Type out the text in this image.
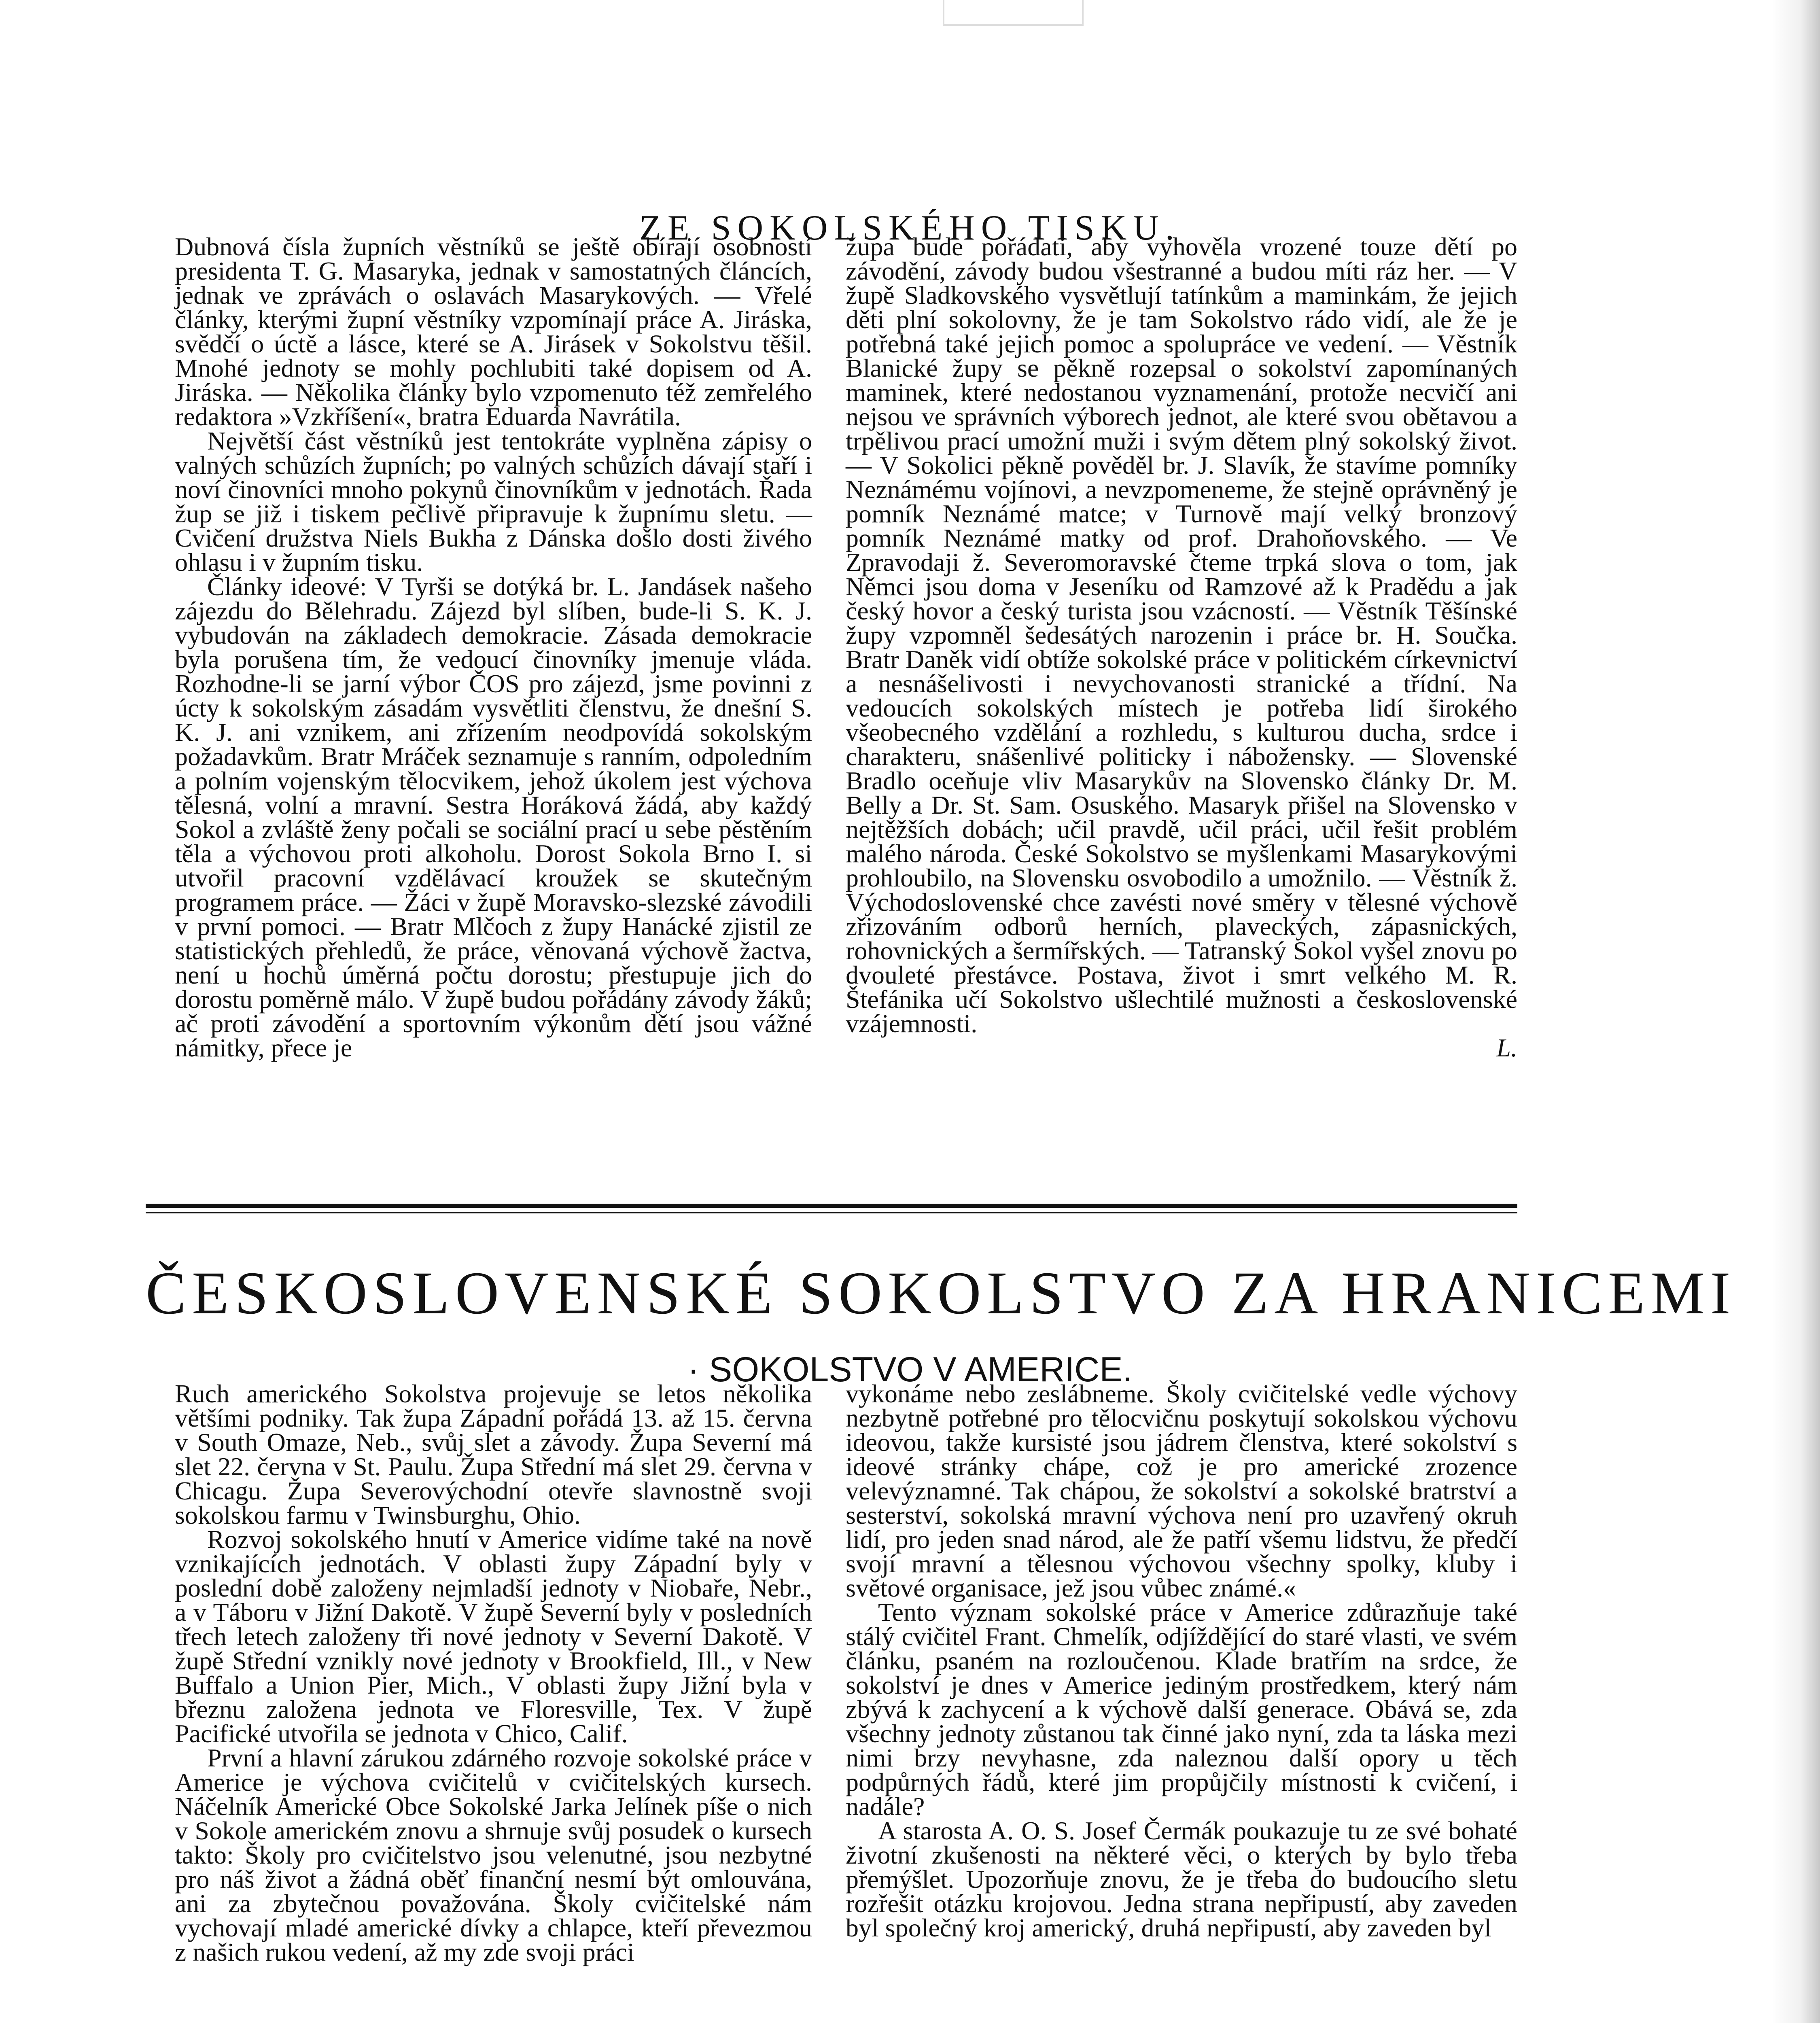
ZE SOKOLSKÉHO TISKU.

Dubnová čísla župních věstníků se ještě obírají osobností presidenta T. G. Masaryka, jednak v samostatných článcích, jednak ve zprávách o oslavách Masarykových. — Vřelé články, kterými župní věstníky vzpomínají práce A. Jiráska, svědčí o úctě a lásce, které se A. Jirásek v Sokolstvu těšil. Mnohé jednoty se mohly pochlubiti také dopisem od A. Jiráska. — Několika články bylo vzpomenuto též zemřelého redaktora »Vzkříšení«, bratra Eduarda Navrátila.

Největší část věstníků jest tentokráte vyplněna zápisy o valných schůzích župních; po valných schůzích dávají staří i noví činovníci mnoho pokynů činovníkům v jednotách. Řada žup se již i tiskem pečlivě připravuje k župnímu sletu. — Cvičení družstva Niels Bukha z Dánska došlo dosti živého ohlasu i v župním tisku.

Články ideové: V Tyrši se dotýká br. L. Jandásek našeho zájezdu do Bělehradu. Zájezd byl slíben, bude-li S. K. J. vybudován na základech demokracie. Zásada demokracie byla porušena tím, že vedoucí činovníky jmenuje vláda. Rozhodne-li se jarní výbor ČOS pro zájezd, jsme povinni z úcty k sokolským zásadám vysvětliti členstvu, že dnešní S. K. J. ani vznikem, ani zřízením neodpovídá sokolským požadavkům. Bratr Mráček seznamuje s ranním, odpoledním a polním vojenským tělocvikem, jehož úkolem jest výchova tělesná, volní a mravní. Sestra Horáková žádá, aby každý Sokol a zvláště ženy počali se sociální prací u sebe pěstěním těla a výchovou proti alkoholu. Dorost Sokola Brno I. si utvořil pracovní vzdělávací kroužek se skutečným programem práce. — Žáci v župě Moravsko-slezské závodili v první pomoci. — Bratr Mlčoch z župy Hanácké zjistil ze statistických přehledů, že práce, věnovaná výchově žactva, není u hochů úměrná počtu dorostu; přestupuje jich do dorostu poměrně málo. V župě budou pořádány závody žáků; ač proti závodění a sportovním výkonům dětí jsou vážné námitky, přece je

župa bude pořádati, aby vyhověla vrozené touze dětí po závodění, závody budou všestranné a budou míti ráz her. — V župě Sladkovského vysvětlují tatínkům a maminkám, že jejich děti plní sokolovny, že je tam Sokolstvo rádo vidí, ale že je potřebná také jejich pomoc a spolupráce ve vedení. — Věstník Blanické župy se pěkně rozepsal o sokolství zapomínaných maminek, které nedostanou vyznamenání, protože necvičí ani nejsou ve správních výborech jednot, ale které svou obětavou a trpělivou prací umožní muži i svým dětem plný sokolský život. — V Sokolici pěkně pověděl br. J. Slavík, že stavíme pomníky Neznámému vojínovi, a nevzpomeneme, že stejně oprávněný je pomník Neznámé matce; v Turnově mají velký bronzový pomník Neznámé matky od prof. Drahoňovského. — Ve Zpravodaji ž. Severomoravské čteme trpká slova o tom, jak Němci jsou doma v Jeseníku od Ramzové až k Pradědu a jak český hovor a český turista jsou vzácností. — Věstník Těšínské župy vzpomněl šedesátých narozenin i práce br. H. Součka. Bratr Daněk vidí obtíže sokolské práce v politickém církevnictví a nesnášelivosti i nevychovanosti stranické a třídní. Na vedoucích sokolských místech je potřeba lidí širokého všeobecného vzdělání a rozhledu, s kulturou ducha, srdce i charakteru, snášenlivé politicky i nábožensky. — Slovenské Bradlo oceňuje vliv Masarykův na Slovensko články Dr. M. Belly a Dr. St. Sam. Osuského. Masaryk přišel na Slovensko v nejtěžších dobách; učil pravdě, učil práci, učil řešit problém malého národa. České Sokolstvo se myšlenkami Masarykovými prohloubilo, na Slovensku osvobodilo a umožnilo. — Věstník ž. Východoslovenské chce zavésti nové směry v tělesné výchově zřizováním odborů herních, plaveckých, zápasnických, rohovnických a šermířských. — Tatranský Sokol vyšel znovu po dvouleté přestávce. Postava, život i smrt velkého M. R. Štefánika učí Sokolstvo ušlechtilé mužnosti a československé vzájemnosti.

L.

ČESKOSLOVENSKÉ SOKOLSTVO ZA HRANICEMI
· SOKOLSTVO V AMERICE.

Ruch amerického Sokolstva projevuje se letos několika většími podniky. Tak župa Západní pořádá 13. až 15. června v South Omaze, Neb., svůj slet a závody. Župa Severní má slet 22. června v St. Paulu. Župa Střední má slet 29. června v Chicagu. Župa Severovýchodní otevře slavnostně svoji sokolskou farmu v Twinsburghu, Ohio.

Rozvoj sokolského hnutí v Americe vidíme také na nově vznikajících jednotách. V oblasti župy Západní byly v poslední době založeny nejmladší jednoty v Niobaře, Nebr., a v Táboru v Jižní Dakotě. V župě Severní byly v posledních třech letech založeny tři nové jednoty v Severní Dakotě. V župě Střední vznikly nové jednoty v Brookfield, Ill., v New Buffalo a Union Pier, Mich., V oblasti župy Jižní byla v březnu založena jednota ve Floresville, Tex. V župě Pacifické utvořila se jednota v Chico, Calif.

První a hlavní zárukou zdárného rozvoje sokolské práce v Americe je výchova cvičitelů v cvičitelských kursech. Náčelník Americké Obce Sokolské Jarka Jelínek píše o nich v Sokole americkém znovu a shrnuje svůj posudek o kursech takto: Školy pro cvičitelstvo jsou velenutné, jsou nezbytné pro náš život a žádná oběť finanční nesmí být omlouvána, ani za zbytečnou považována. Školy cvičitelské nám vychovají mladé americké dívky a chlapce, kteří převezmou z našich rukou vedení, až my zde svoji práci

vykonáme nebo zeslábneme. Školy cvičitelské vedle výchovy nezbytně potřebné pro tělocvičnu poskytují sokolskou výchovu ideovou, takže kursisté jsou jádrem členstva, které sokolství s ideové stránky chápe, což je pro americké zrozence velevýznamné. Tak chápou, že sokolství a sokolské bratrství a sesterství, sokolská mravní výchova není pro uzavřený okruh lidí, pro jeden snad národ, ale že patří všemu lidstvu, že předčí svojí mravní a tělesnou výchovou všechny spolky, kluby i světové organisace, jež jsou vůbec známé.«

Tento význam sokolské práce v Americe zdůrazňuje také stálý cvičitel Frant. Chmelík, odjíždějící do staré vlasti, ve svém článku, psaném na rozloučenou. Klade bratřím na srdce, že sokolství je dnes v Americe jediným prostředkem, který nám zbývá k zachycení a k výchově další generace. Obává se, zda všechny jednoty zůstanou tak činné jako nyní, zda ta láska mezi nimi brzy nevyhasne, zda naleznou další opory u těch podpůrných řádů, které jim propůjčily místnosti k cvičení, i nadále?

A starosta A. O. S. Josef Čermák poukazuje tu ze své bohaté životní zkušenosti na některé věci, o kterých by bylo třeba přemýšlet. Upozorňuje znovu, že je třeba do budoucího sletu rozřešit otázku krojovou. Jedna strana nepřipustí, aby zaveden byl společný kroj americký, druhá nepřipustí, aby zaveden byl
